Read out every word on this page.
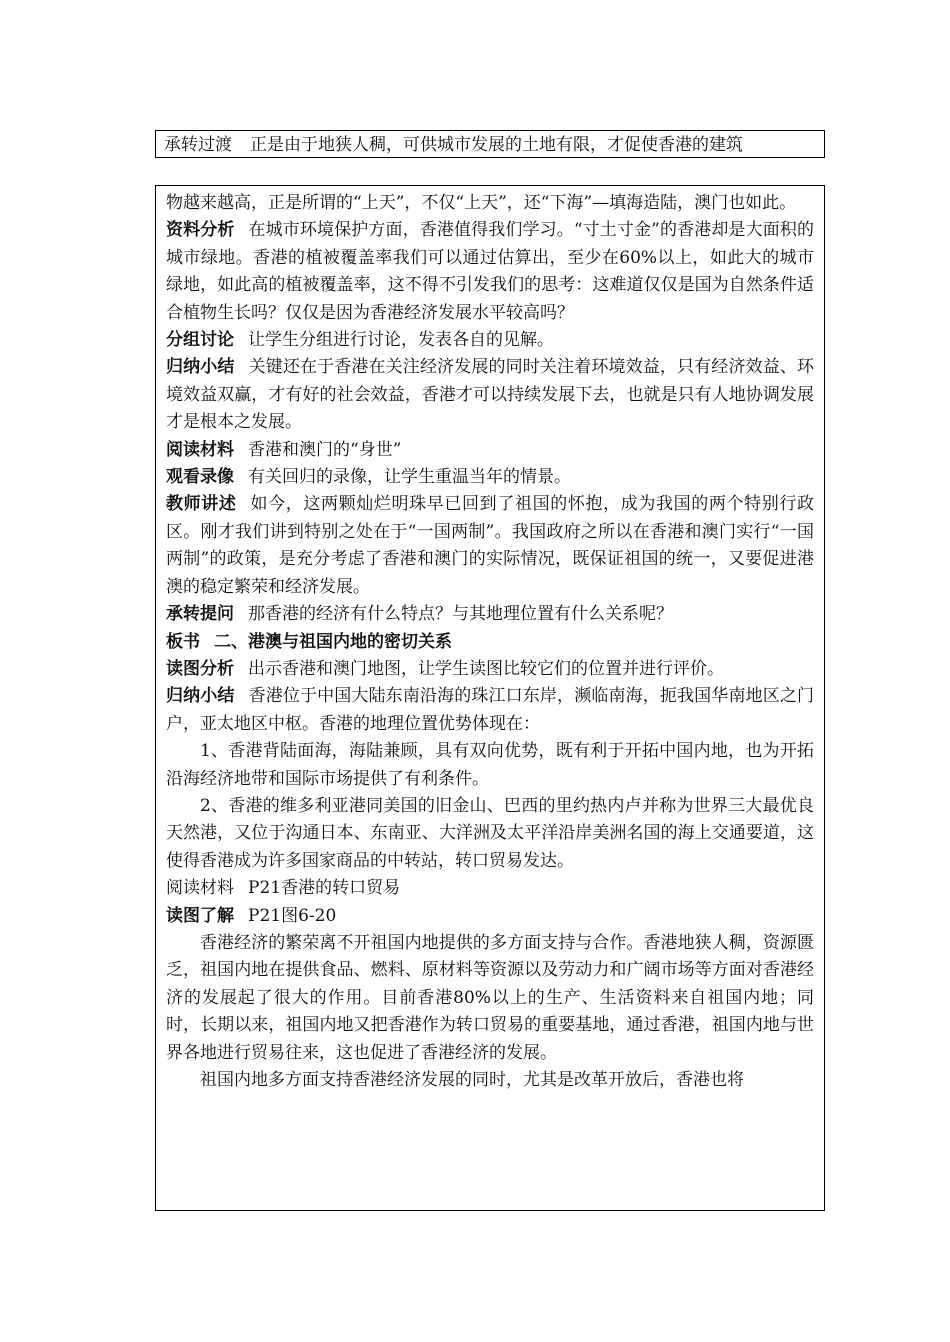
承转过渡 正是由于地狭人稠，可供城市发展的土地有限，才促使香港的建筑

物越来越高，正是所谓的“上天”，不仅“上天”，还“下海”—填海造陆，澳门也如此。

资料分析 在城市环境保护方面，香港值得我们学习。“寸土寸金”的香港却是大面积的城市绿地。香港的植被覆盖率我们可以通过估算出，至少在60%以上，如此大的城市绿地，如此高的植被覆盖率，这不得不引发我们的思考：这难道仅仅是国为自然条件适合植物生长吗？仅仅是因为香港经济发展水平较高吗？

分组讨论 让学生分组进行讨论，发表各自的见解。

归纳小结 关键还在于香港在关注经济发展的同时关注着环境效益，只有经济效益、环境效益双赢，才有好的社会效益，香港才可以持续发展下去，也就是只有人地协调发展才是根本之发展。

阅读材料 香港和澳门的“身世”

观看录像 有关回归的录像，让学生重温当年的情景。

教师讲述 如今，这两颗灿烂明珠早已回到了祖国的怀抱，成为我国的两个特别行政区。刚才我们讲到特别之处在于“一国两制”。我国政府之所以在香港和澳门实行“一国两制”的政策，是充分考虑了香港和澳门的实际情况，既保证祖国的统一，又要促进港澳的稳定繁荣和经济发展。

承转提问 那香港的经济有什么特点？与其地理位置有什么关系呢？

板书 二、港澳与祖国内地的密切关系

读图分析 出示香港和澳门地图，让学生读图比较它们的位置并进行评价。

归纳小结 香港位于中国大陆东南沿海的珠江口东岸，濒临南海，扼我国华南地区之门户，亚太地区中枢。香港的地理位置优势体现在：

1、香港背陆面海，海陆兼顾，具有双向优势，既有利于开拓中国内地，也为开拓沿海经济地带和国际市场提供了有利条件。

2、香港的维多利亚港同美国的旧金山、巴西的里约热内卢并称为世界三大最优良天然港，又位于沟通日本、东南亚、大洋洲及太平洋沿岸美洲名国的海上交通要道，这使得香港成为许多国家商品的中转站，转口贸易发达。

阅读材料 P21香港的转口贸易

读图了解 P21图6-20

香港经济的繁荣离不开祖国内地提供的多方面支持与合作。香港地狭人稠，资源匮乏，祖国内地在提供食品、燃料、原材料等资源以及劳动力和广阔市场等方面对香港经济的发展起了很大的作用。目前香港80%以上的生产、生活资料来自祖国内地；同时，长期以来，祖国内地又把香港作为转口贸易的重要基地，通过香港，祖国内地与世界各地进行贸易往来，这也促进了香港经济的发展。

祖国内地多方面支持香港经济发展的同时，尤其是改革开放后，香港也将
